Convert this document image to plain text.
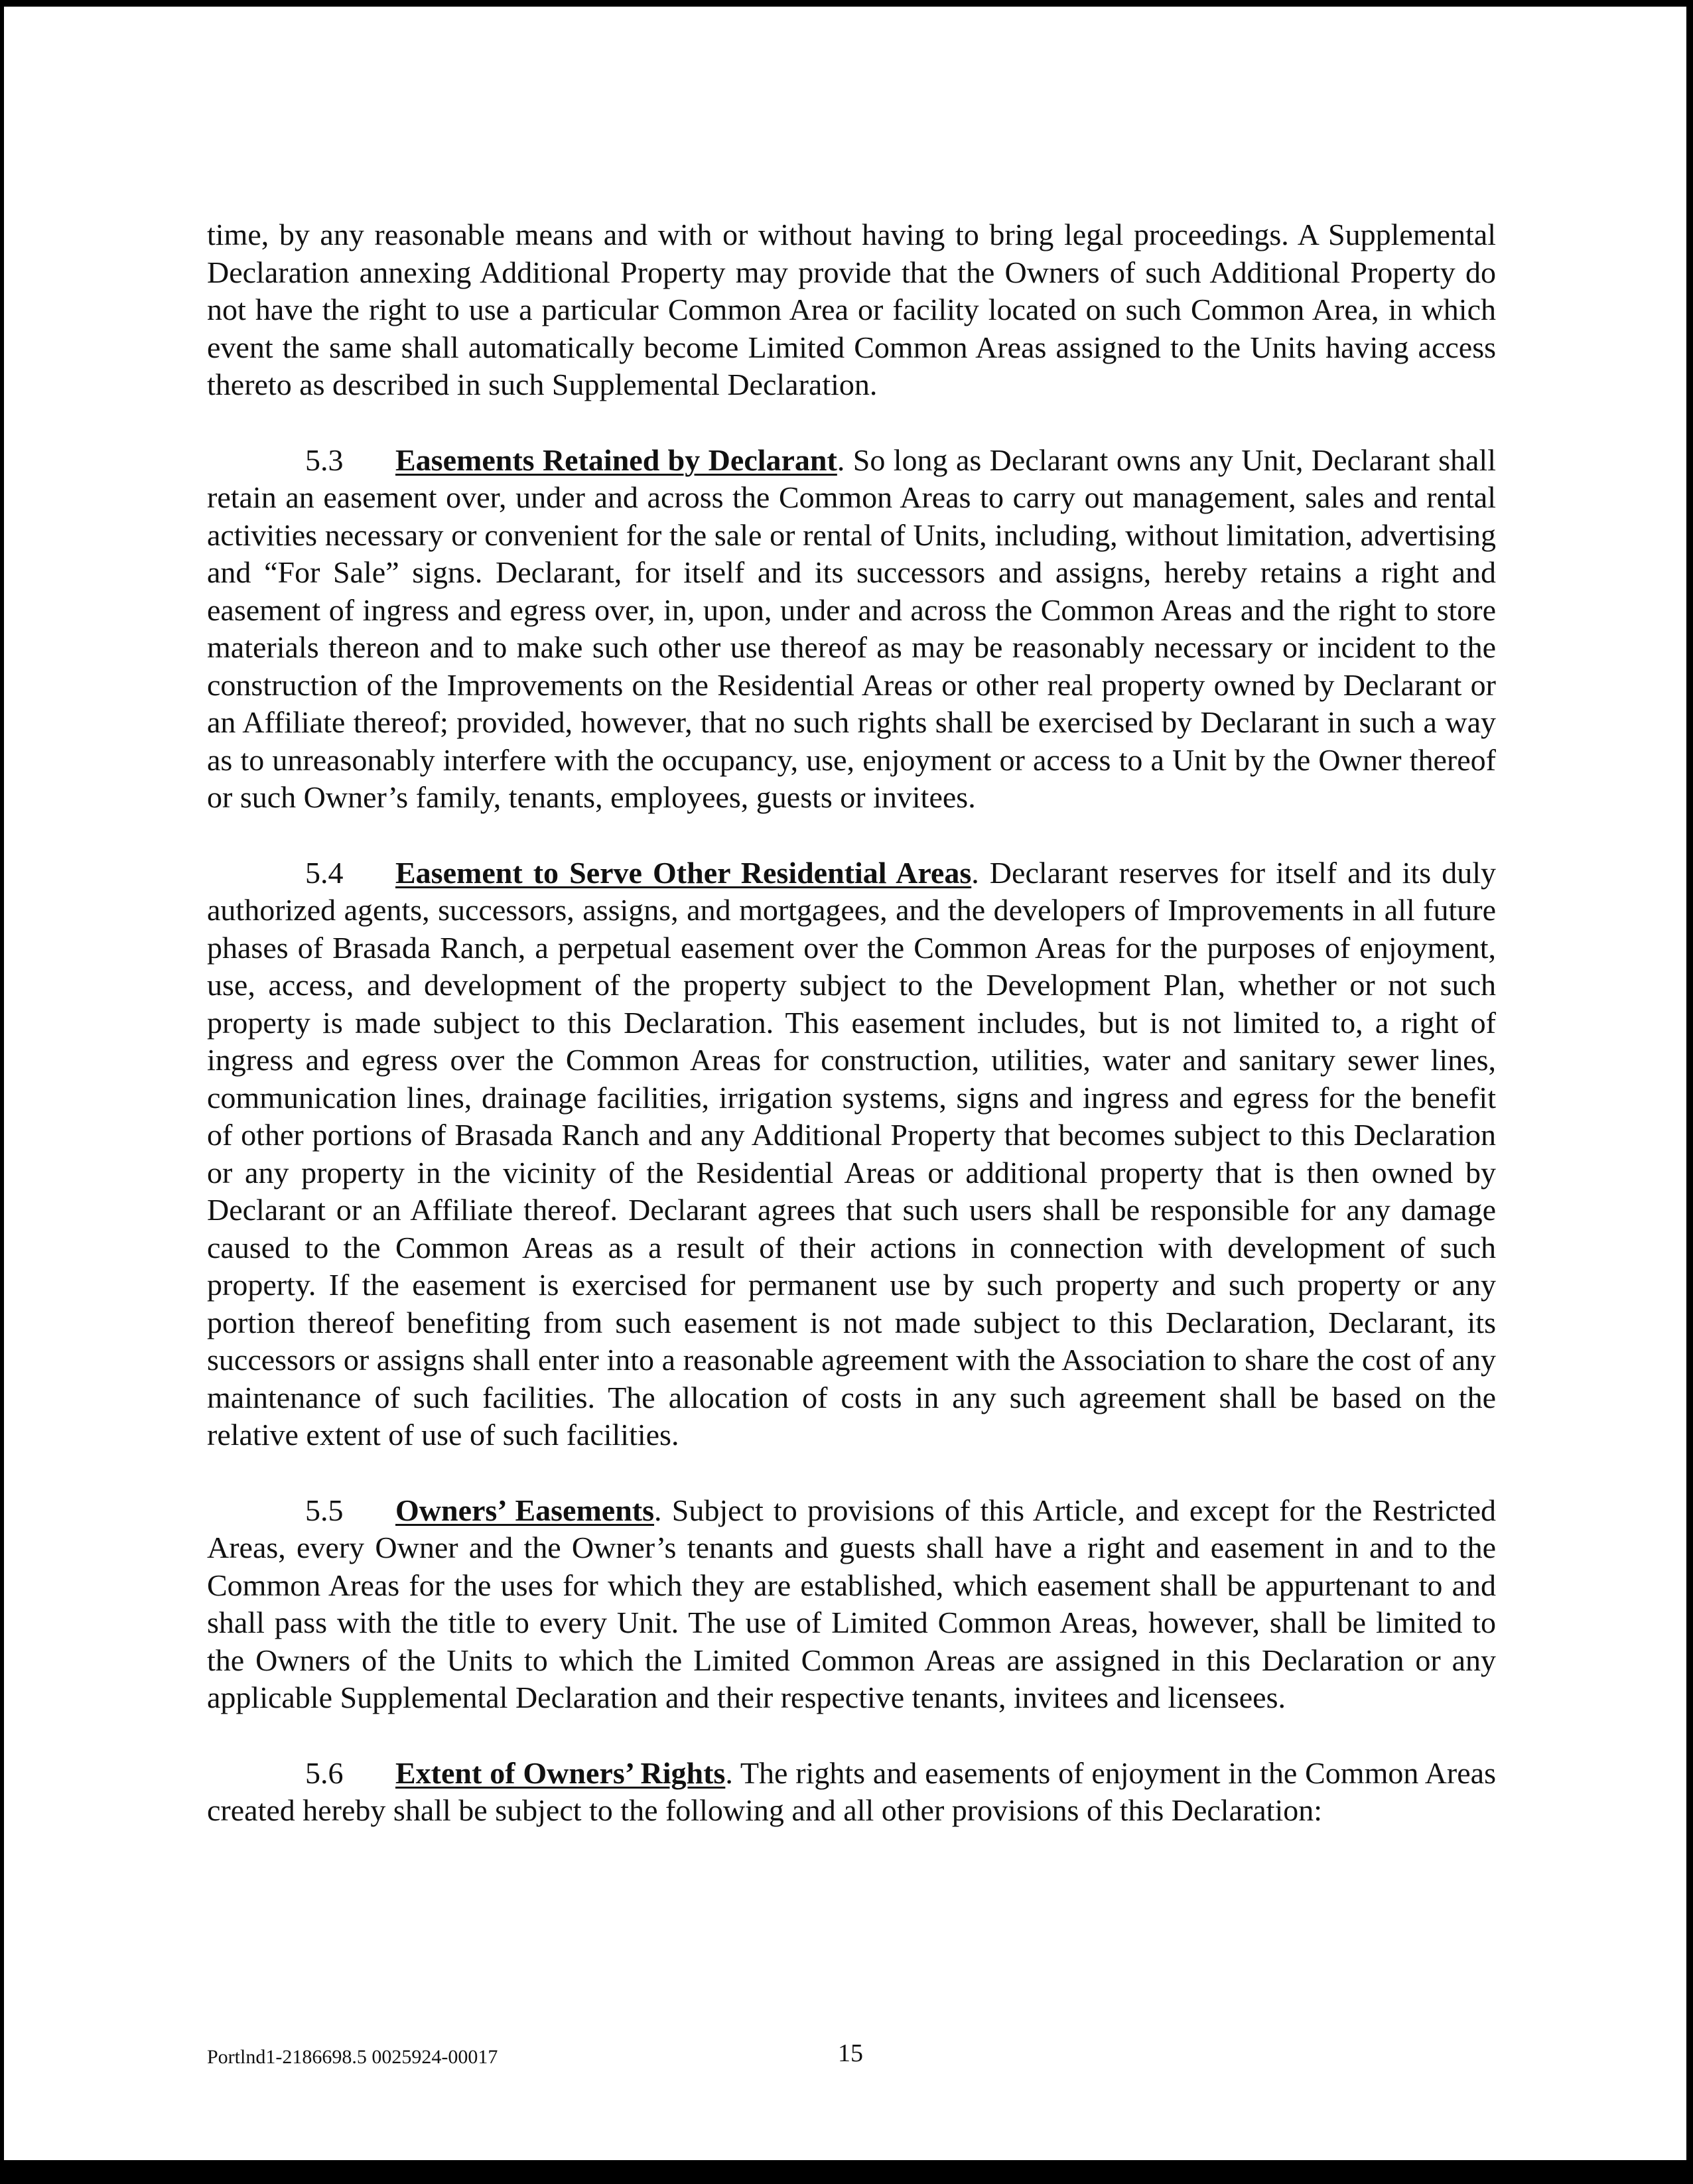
time, by any reasonable means and with or without having to bring legal proceedings. A Supplemental Declaration annexing Additional Property may provide that the Owners of such Additional Property do not have the right to use a particular Common Area or facility located on such Common Area, in which event the same shall automatically become Limited Common Areas assigned to the Units having access thereto as described in such Supplemental Declaration.

5.3 Easements Retained by Declarant. So long as Declarant owns any Unit, Declarant shall retain an easement over, under and across the Common Areas to carry out management, sales and rental activities necessary or convenient for the sale or rental of Units, including, without limitation, advertising and “For Sale” signs. Declarant, for itself and its successors and assigns, hereby retains a right and easement of ingress and egress over, in, upon, under and across the Common Areas and the right to store materials thereon and to make such other use thereof as may be reasonably necessary or incident to the construction of the Improvements on the Residential Areas or other real property owned by Declarant or an Affiliate thereof; provided, however, that no such rights shall be exercised by Declarant in such a way as to unreasonably interfere with the occupancy, use, enjoyment or access to a Unit by the Owner thereof or such Owner’s family, tenants, employees, guests or invitees.

5.4 Easement to Serve Other Residential Areas. Declarant reserves for itself and its duly authorized agents, successors, assigns, and mortgagees, and the developers of Improvements in all future phases of Brasada Ranch, a perpetual easement over the Common Areas for the purposes of enjoyment, use, access, and development of the property subject to the Development Plan, whether or not such property is made subject to this Declaration. This easement includes, but is not limited to, a right of ingress and egress over the Common Areas for construction, utilities, water and sanitary sewer lines, communication lines, drainage facilities, irrigation systems, signs and ingress and egress for the benefit of other portions of Brasada Ranch and any Additional Property that becomes subject to this Declaration or any property in the vicinity of the Residential Areas or additional property that is then owned by Declarant or an Affiliate thereof. Declarant agrees that such users shall be responsible for any damage caused to the Common Areas as a result of their actions in connection with development of such property. If the easement is exercised for permanent use by such property and such property or any portion thereof benefiting from such easement is not made subject to this Declaration, Declarant, its successors or assigns shall enter into a reasonable agreement with the Association to share the cost of any maintenance of such facilities. The allocation of costs in any such agreement shall be based on the relative extent of use of such facilities.

5.5 Owners’ Easements. Subject to provisions of this Article, and except for the Restricted Areas, every Owner and the Owner’s tenants and guests shall have a right and easement in and to the Common Areas for the uses for which they are established, which easement shall be appurtenant to and shall pass with the title to every Unit. The use of Limited Common Areas, however, shall be limited to the Owners of the Units to which the Limited Common Areas are assigned in this Declaration or any applicable Supplemental Declaration and their respective tenants, invitees and licensees.

5.6 Extent of Owners’ Rights. The rights and easements of enjoyment in the Common Areas created hereby shall be subject to the following and all other provisions of this Declaration:

Portlnd1-2186698.5 0025924-00017	15
